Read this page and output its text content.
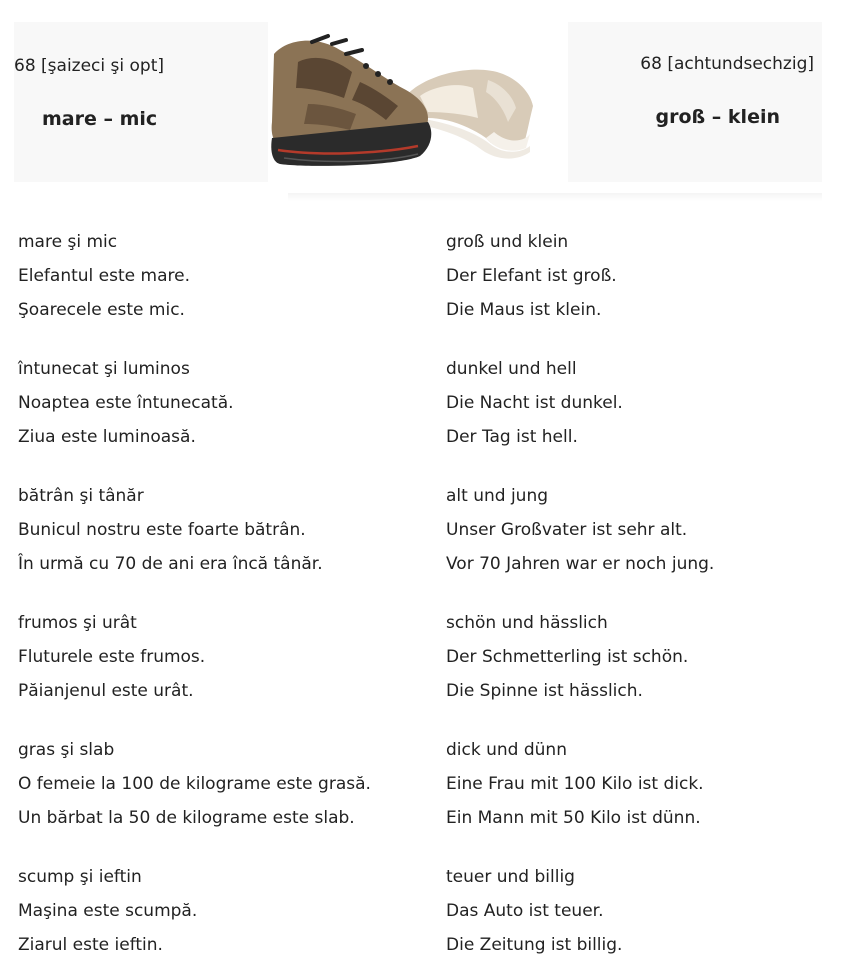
68 [şaizeci şi opt]
mare – mic
68 [achtundsechzig]
groß – klein
mare şi mic	groß und klein
Elefantul este mare.	Der Elefant ist groß.
Şoarecele este mic.	Die Maus ist klein.
întunecat şi luminos	dunkel und hell
Noaptea este întunecată.	Die Nacht ist dunkel.
Ziua este luminoasă.	Der Tag ist hell.
bătrân şi tânăr	alt und jung
Bunicul nostru este foarte bătrân.	Unser Großvater ist sehr alt.
În urmă cu 70 de ani era încă tânăr.	Vor 70 Jahren war er noch jung.
frumos şi urât	schön und hässlich
Fluturele este frumos.	Der Schmetterling ist schön.
Păianjenul este urât.	Die Spinne ist hässlich.
gras şi slab	dick und dünn
O femeie la 100 de kilograme este grasă.	Eine Frau mit 100 Kilo ist dick.
Un bărbat la 50 de kilograme este slab.	Ein Mann mit 50 Kilo ist dünn.
scump şi ieftin	teuer und billig
Maşina este scumpă.	Das Auto ist teuer.
Ziarul este ieftin.	Die Zeitung ist billig.
